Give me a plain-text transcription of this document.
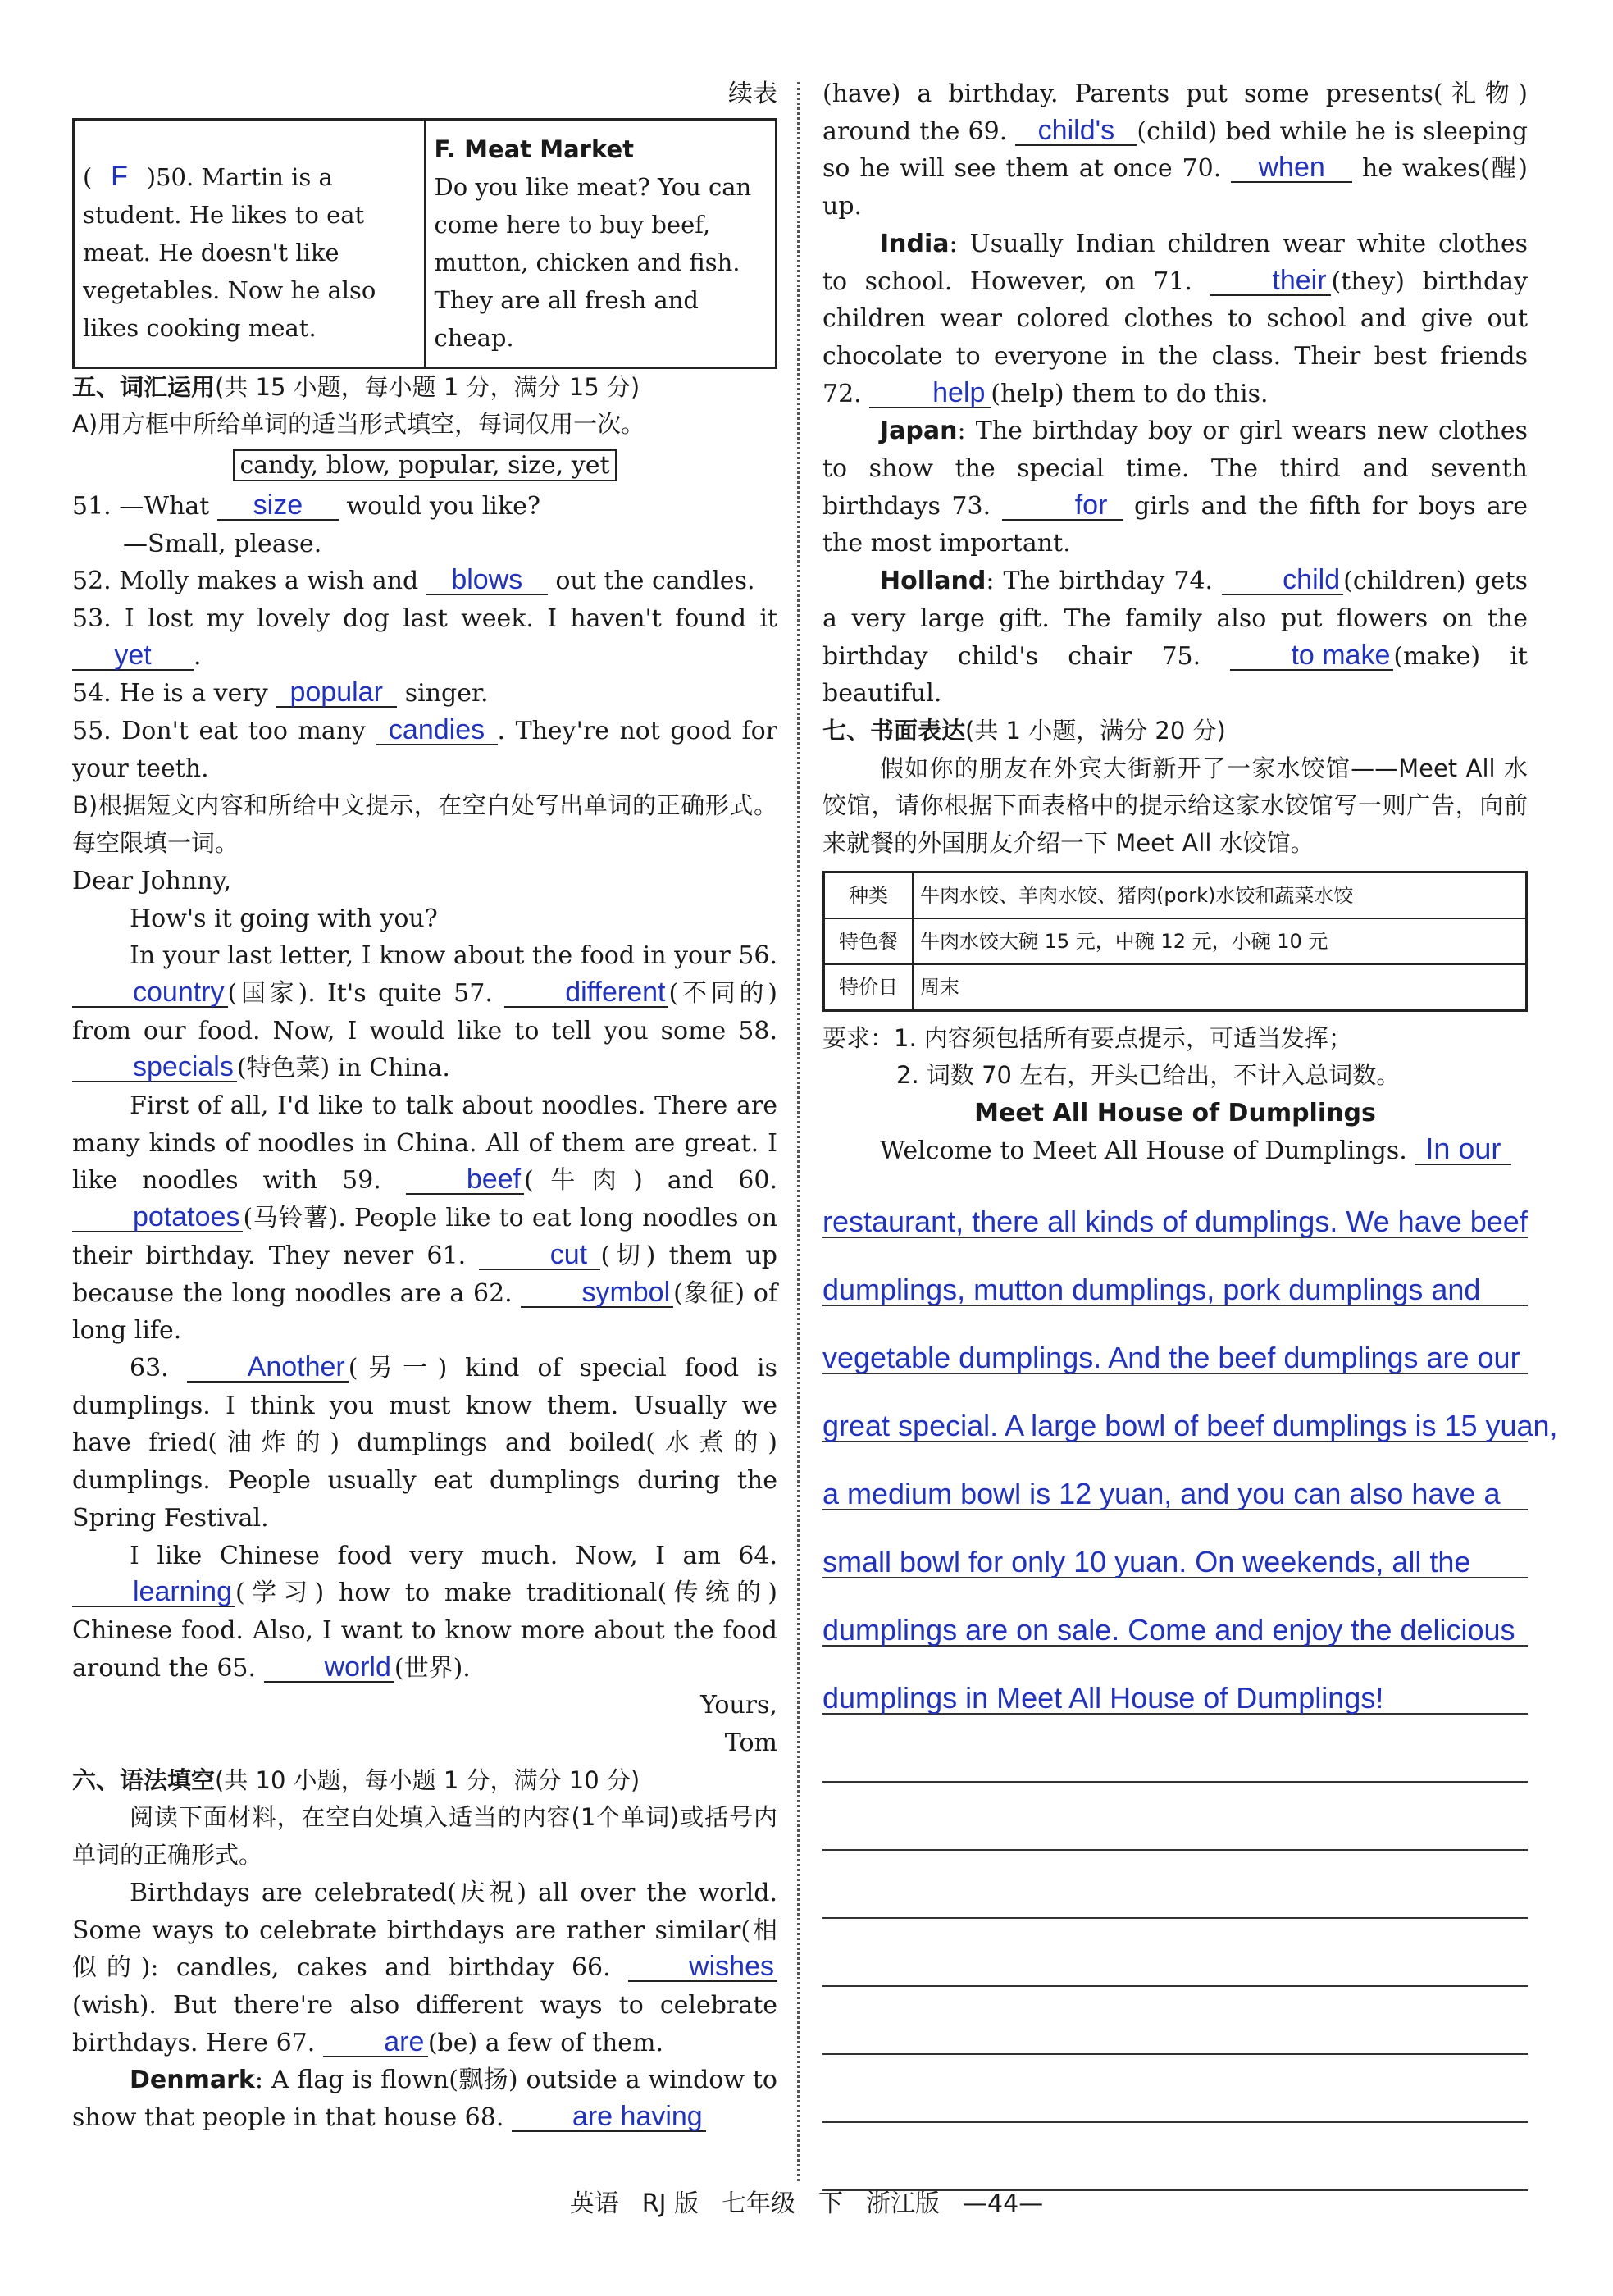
续表

( F )50. Martin is a student. He likes to eat meat. He doesn't like vegetables. Now he also likes cooking meat.	F. Meat Market
Do you like meat? You can come here to buy beef, mutton, chicken and fish. They are all fresh and cheap.

五、词汇运用(共 15 小题，每小题 1 分，满分 15 分)

A)用方框中所给单词的适当形式填空，每词仅用一次。

candy, blow, popular, size, yet

51. —What size would you like?

—Small, please.

52. Molly makes a wish and blows out the candles.

53. I lost my lovely dog last week. I haven't found it yet .

54. He is a very popular singer.

55. Don't eat too many candies . They're not good for your teeth.

B)根据短文内容和所给中文提示，在空白处写出单词的正确形式。每空限填一词。

Dear Johnny,

How's it going with you?

In your last letter, I know about the food in your 56. country (国家). It's quite 57.	different (不同的) from our food. Now, I would like to tell you some 58. specials (特色菜) in China.

First of all, I'd like to talk about noodles. There are many kinds of noodles in China. All of them are great. I like noodles with 59.	beef (牛肉) and 60. potatoes (马铃薯). People like to eat long noodles on their birthday. They never 61.	cut (切) them up because the long noodles are a 62. symbol (象征) of long life.

63.	Another (另一) kind of special food is dumplings. I think you must know them. Usually we have fried(油炸的) dumplings and boiled(水煮的) dumplings. People usually eat dumplings during the Spring Festival.

I like Chinese food very much. Now, I am 64. learning (学习) how to make traditional(传统的) Chinese food. Also, I want to know more about the food around the 65. world (世界).

Yours,

Tom

六、语法填空(共 10 小题，每小题 1 分，满分 10 分)

阅读下面材料，在空白处填入适当的内容(1个单词)或括号内单词的正确形式。

Birthdays are celebrated(庆祝) all over the world. Some ways to celebrate birthdays are rather similar(相似的): candles, cakes and birthday 66.	wishes(wish). But there're also different ways to celebrate birthdays. Here 67. are (be) a few of them.

Denmark: A flag is flown(飘扬) outside a window to show that people in that house 68. are having

(have) a birthday. Parents put some presents(礼物) around the 69. child's (child) bed while he is sleeping so he will see them at once 70. when he wakes(醒) up.

India: Usually Indian children wear white clothes to school. However, on 71.	their (they) birthday children wear colored clothes to school and give out chocolate to everyone in the class. Their best friends 72.	help (help) them to do this.

Japan: The birthday boy or girl wears new clothes to show the special time. The third and seventh birthdays 73.	for girls and the fifth for boys are the most important.

Holland: The birthday 74.	child (children) gets a very large gift. The family also put flowers on the birthday child's chair 75.	to make (make) it beautiful.

七、书面表达(共 1 小题，满分 20 分)

假如你的朋友在外宾大街新开了一家水饺馆——Meet All 水饺馆，请你根据下面表格中的提示给这家水饺馆写一则广告，向前来就餐的外国朋友介绍一下 Meet All 水饺馆。

种类	牛肉水饺、羊肉水饺、猪肉(pork)水饺和蔬菜水饺
特色餐	牛肉水饺大碗 15 元，中碗 12 元，小碗 10 元
特价日	周末

要求：1. 内容须包括所有要点提示，可适当发挥；

2. 词数 70 左右，开头已给出，不计入总词数。

Meet All House of Dumplings

Welcome to Meet All House of Dumplings. In our

restaurant, there all kinds of dumplings. We have beef
dumplings, mutton dumplings, pork dumplings and
vegetable dumplings. And the beef dumplings are our
great special. A large bowl of beef dumplings is 15 yuan,
a medium bowl is 12 yuan, and you can also have a
small bowl for only 10 yuan. On weekends, all the
dumplings are on sale. Come and enjoy the delicious
dumplings in Meet All House of Dumplings!
英语 RJ 版 七年级 下 浙江版 —44—
